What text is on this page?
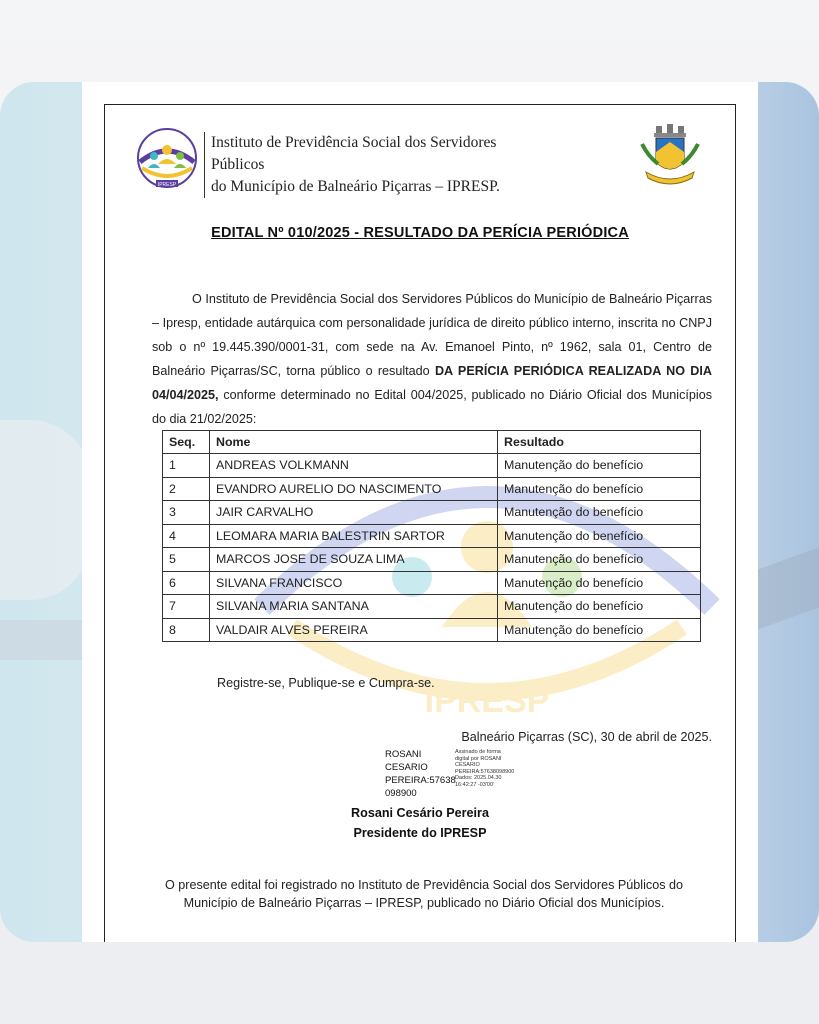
IPRESP
Instituto de Previdência Social dos Servidores Públicos
do Município de Balneário Piçarras – IPRESP.
EDITAL Nº 010/2025 - RESULTADO DA PERÍCIA PERIÓDICA
O Instituto de Previdência Social dos Servidores Públicos do Município de Balneário Piçarras – Ipresp, entidade autárquica com personalidade jurídica de direito público interno, inscrita no CNPJ sob o nº 19.445.390/0001-31, com sede na Av. Emanoel Pinto, nº 1962, sala 01, Centro de Balneário Piçarras/SC, torna público o resultado DA PERÍCIA PERIÓDICA REALIZADA NO DIA 04/04/2025, conforme determinado no Edital 004/2025, publicado no Diário Oficial dos Municípios do dia 21/02/2025:
IPRESP
Seq.	Nome	Resultado
1	ANDREAS VOLKMANN	Manutenção do benefício
2	EVANDRO AURELIO DO NASCIMENTO	Manutenção do benefício
3	JAIR CARVALHO	Manutenção do benefício
4	LEOMARA MARIA BALESTRIN SARTOR	Manutenção do benefício
5	MARCOS JOSE DE SOUZA LIMA	Manutenção do benefício
6	SILVANA FRANCISCO	Manutenção do benefício
7	SILVANA MARIA SANTANA	Manutenção do benefício
8	VALDAIR ALVES PEREIRA	Manutenção do benefício
Registre-se, Publique-se e Cumpra-se.
Balneário Piçarras (SC), 30 de abril de 2025.
ROSANI
CESARIO
PEREIRA:57638
098900
Assinado de forma
digital por ROSANI
CESARIO
PEREIRA:57638098900
Dados: 2025.04.30
16:42:27 -03'00'
Rosani Cesário Pereira
Presidente do IPRESP
O presente edital foi registrado no Instituto de Previdência Social dos Servidores Públicos do Município de Balneário Piçarras – IPRESP, publicado no Diário Oficial dos Municípios.
